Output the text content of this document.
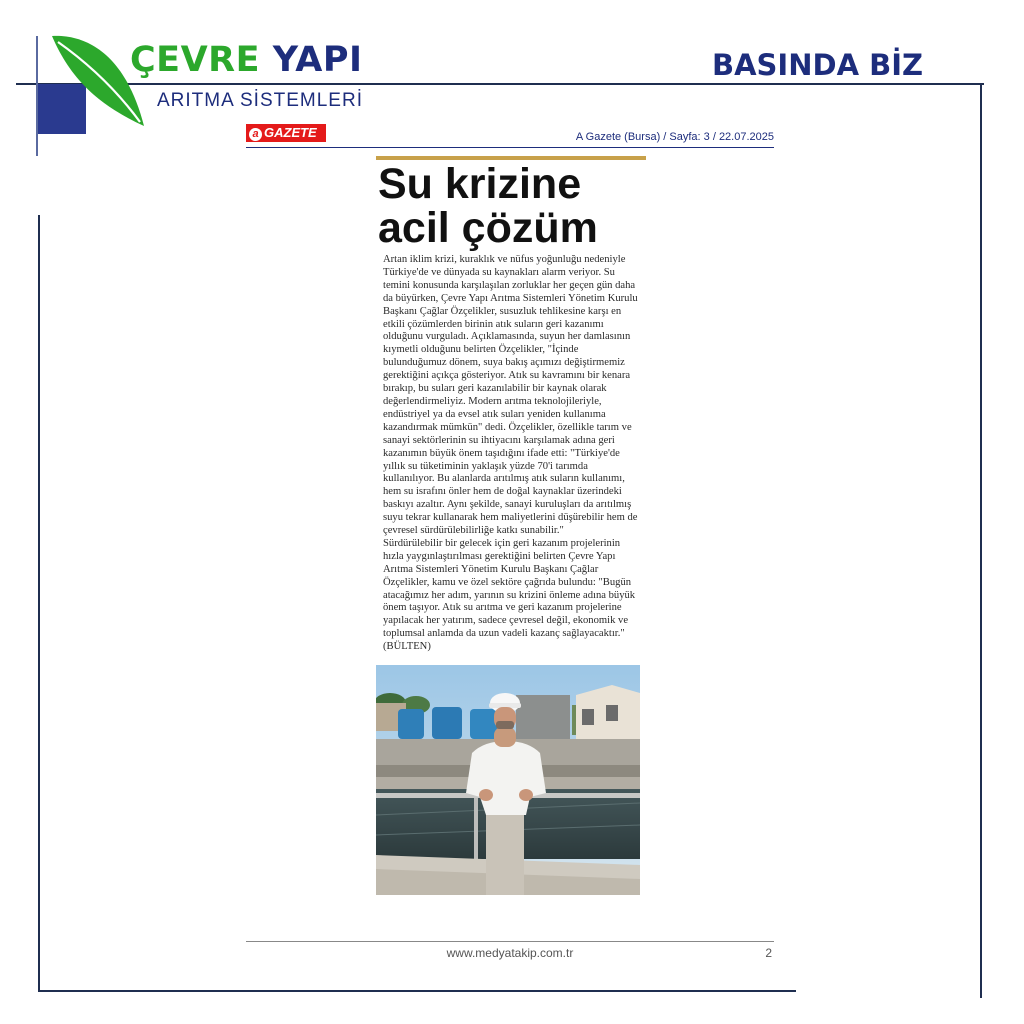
ÇEVRE YAPI
ARITMA SİSTEMLERİ
BASINDA BİZ
a GAZETE	A Gazete (Bursa) / Sayfa: 3 / 22.07.2025
Su krizine
acil çözüm

Artan iklim krizi, kuraklık ve nüfus yoğunluğu nedeniyle Türkiye'de ve dünyada su kaynakları alarm veriyor. Su temini konusunda karşılaşılan zorluklar her geçen gün daha da büyürken, Çevre Yapı Arıtma Sistemleri Yönetim Kurulu Başkanı Çağlar Özçelikler, susuzluk tehlikesine karşı en etkili çözümlerden birinin atık suların geri kazanımı olduğunu vurguladı. Açıklamasında, suyun her damlasının kıymetli olduğunu belirten Özçelikler, "İçinde bulunduğumuz dönem, suya bakış açımızı değiştirmemiz gerektiğini açıkça gösteriyor. Atık su kavramını bir kenara bırakıp, bu suları geri kazanılabilir bir kaynak olarak değerlendirmeliyiz. Modern arıtma teknolojileriyle, endüstriyel ya da evsel atık suları yeniden kullanıma kazandırmak mümkün" dedi. Özçelikler, özellikle tarım ve sanayi sektörlerinin su ihtiyacını karşılamak adına geri kazanımın büyük önem taşıdığını ifade etti: "Türkiye'de yıllık su tüketiminin yaklaşık yüzde 70'i tarımda kullanılıyor. Bu alanlarda arıtılmış atık suların kullanımı, hem su israfını önler hem de doğal kaynaklar üzerindeki baskıyı azaltır. Aynı şekilde, sanayi kuruluşları da arıtılmış suyu tekrar kullanarak hem maliyetlerini düşürebilir hem de çevresel sürdürülebilirliğe katkı sunabilir."

Sürdürülebilir bir gelecek için geri kazanım projelerinin hızla yaygınlaştırılması gerektiğini belirten Çevre Yapı Arıtma Sistemleri Yönetim Kurulu Başkanı Çağlar Özçelikler, kamu ve özel sektöre çağrıda bulundu: "Bugün atacağımız her adım, yarının su krizini önleme adına büyük önem taşıyor. Atık su arıtma ve geri kazanım projelerine yapılacak her yatırım, sadece çevresel değil, ekonomik ve toplumsal anlamda da uzun vadeli kazanç sağlayacaktır." (BÜLTEN)

www.medyatakip.com.tr	2
